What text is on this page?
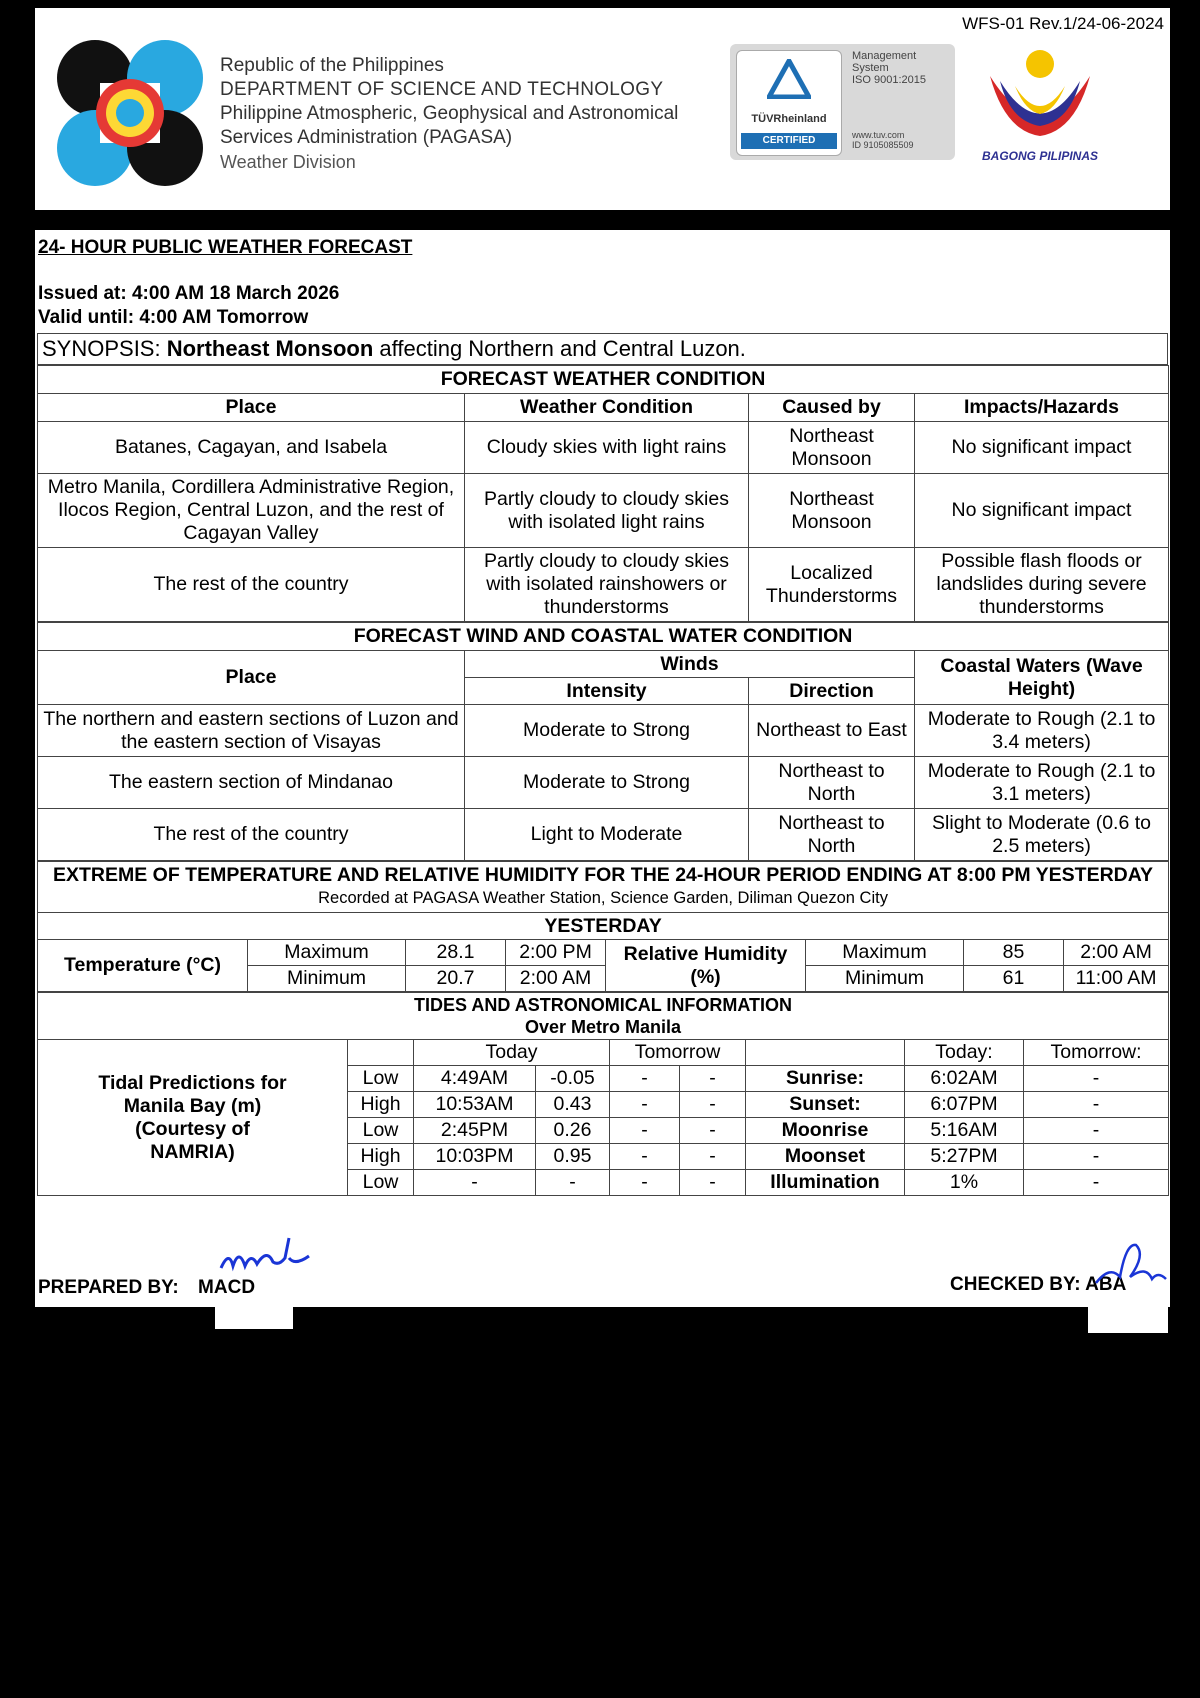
WFS-01 Rev.1/24-06-2024
Republic of the Philippines
DEPARTMENT OF SCIENCE AND TECHNOLOGY
Philippine Atmospheric, Geophysical and Astronomical
Services Administration (PAGASA)
Weather Division
TÜVRheinland
CERTIFIED
Management
System
ISO 9001:2015
www.tuv.com
ID 9105085509
BAGONG PILIPINAS
24- HOUR PUBLIC WEATHER FORECAST
Issued at: 4:00 AM 18 March 2026
Valid until: 4:00 AM Tomorrow
SYNOPSIS: Northeast Monsoon affecting Northern and Central Luzon.
FORECAST WEATHER CONDITION			
Place	Weather Condition	Caused by	Impacts/Hazards
Batanes, Cagayan, and Isabela	Cloudy skies with light rains	Northeast Monsoon	No significant impact
Metro Manila, Cordillera Administrative Region, Ilocos Region, Central Luzon, and the rest of Cagayan Valley	Partly cloudy to cloudy skies with isolated light rains	Northeast Monsoon	No significant impact
The rest of the country	Partly cloudy to cloudy skies with isolated rainshowers or thunderstorms	Localized Thunderstorms	Possible flash floods or landslides during severe thunderstorms
FORECAST WIND AND COASTAL WATER CONDITION			
Place	Winds		Coastal Waters (Wave Height)
	Intensity	Direction	
The northern and eastern sections of Luzon and the eastern section of Visayas	Moderate to Strong	Northeast to East	Moderate to Rough (2.1 to 3.4 meters)
The eastern section of Mindanao	Moderate to Strong	Northeast to North	Moderate to Rough (2.1 to 3.1 meters)
The rest of the country	Light to Moderate	Northeast to North	Slight to Moderate (0.6 to 2.5 meters)
EXTREME OF TEMPERATURE AND RELATIVE HUMIDITY FOR THE 24-HOUR PERIOD ENDING AT 8:00 PM YESTERDAY
Recorded at PAGASA Weather Station, Science Garden, Diliman Quezon City							

YESTERDAY							
Temperature (°C)	Maximum	28.1	2:00 PM	Relative Humidity (%)	Maximum	85	2:00 AM
	Minimum	20.7	2:00 AM		Minimum	61	11:00 AM
TIDES AND ASTRONOMICAL INFORMATION
Over Metro Manila								

Tidal Predictions for Manila Bay (m) (Courtesy of NAMRIA)		Today		Tomorrow			Today:	Tomorrow:
	Low	4:49AM	-0.05	-	-	Sunrise:	6:02AM	-
	High	10:53AM	0.43	-	-	Sunset:	6:07PM	-
	Low	2:45PM	0.26	-	-	Moonrise	5:16AM	-
	High	10:03PM	0.95	-	-	Moonset	5:27PM	-
	Low	-	-	-	-	Illumination	1%	-
PREPARED BY: MACD	CHECKED BY: ABA
